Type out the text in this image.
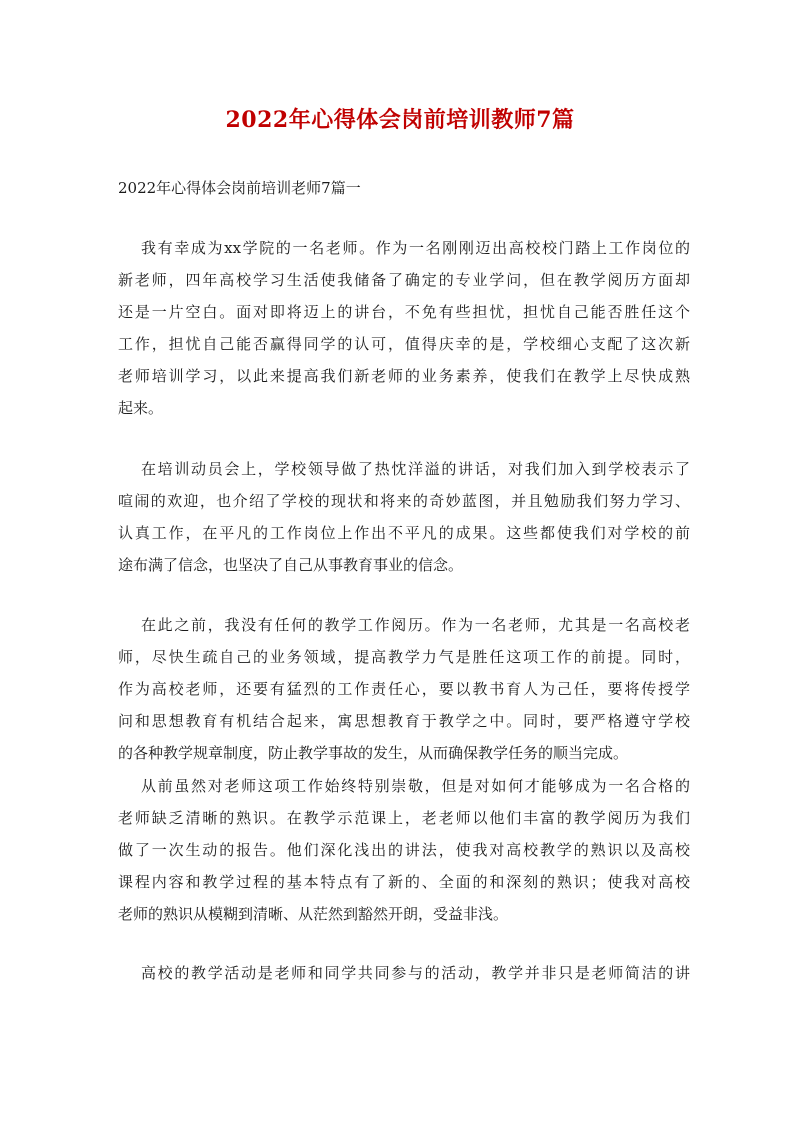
2022年心得体会岗前培训教师7篇

2022年心得体会岗前培训老师7篇一

我有幸成为xx学院的一名老师。作为一名刚刚迈出高校校门踏上工作岗位的
新老师，四年高校学习生活使我储备了确定的专业学问，但在教学阅历方面却
还是一片空白。面对即将迈上的讲台，不免有些担忧，担忧自己能否胜任这个
工作，担忧自己能否赢得同学的认可，值得庆幸的是，学校细心支配了这次新
老师培训学习，以此来提高我们新老师的业务素养，使我们在教学上尽快成熟
起来。
在培训动员会上，学校领导做了热忱洋溢的讲话，对我们加入到学校表示了
喧闹的欢迎，也介绍了学校的现状和将来的奇妙蓝图，并且勉励我们努力学习、
认真工作，在平凡的工作岗位上作出不平凡的成果。这些都使我们对学校的前
途布满了信念，也坚决了自己从事教育事业的信念。
在此之前，我没有任何的教学工作阅历。作为一名老师，尤其是一名高校老
师，尽快生疏自己的业务领域，提高教学力气是胜任这项工作的前提。同时，
作为高校老师，还要有猛烈的工作责任心，要以教书育人为己任，要将传授学
问和思想教育有机结合起来，寓思想教育于教学之中。同时，要严格遵守学校
的各种教学规章制度，防止教学事故的发生，从而确保教学任务的顺当完成。
从前虽然对老师这项工作始终特别崇敬，但是对如何才能够成为一名合格的
老师缺乏清晰的熟识。在教学示范课上，老老师以他们丰富的教学阅历为我们
做了一次生动的报告。他们深化浅出的讲法，使我对高校教学的熟识以及高校
课程内容和教学过程的基本特点有了新的、全面的和深刻的熟识；使我对高校
老师的熟识从模糊到清晰、从茫然到豁然开朗，受益非浅。
高校的教学活动是老师和同学共同参与的活动，教学并非只是老师简洁的讲
